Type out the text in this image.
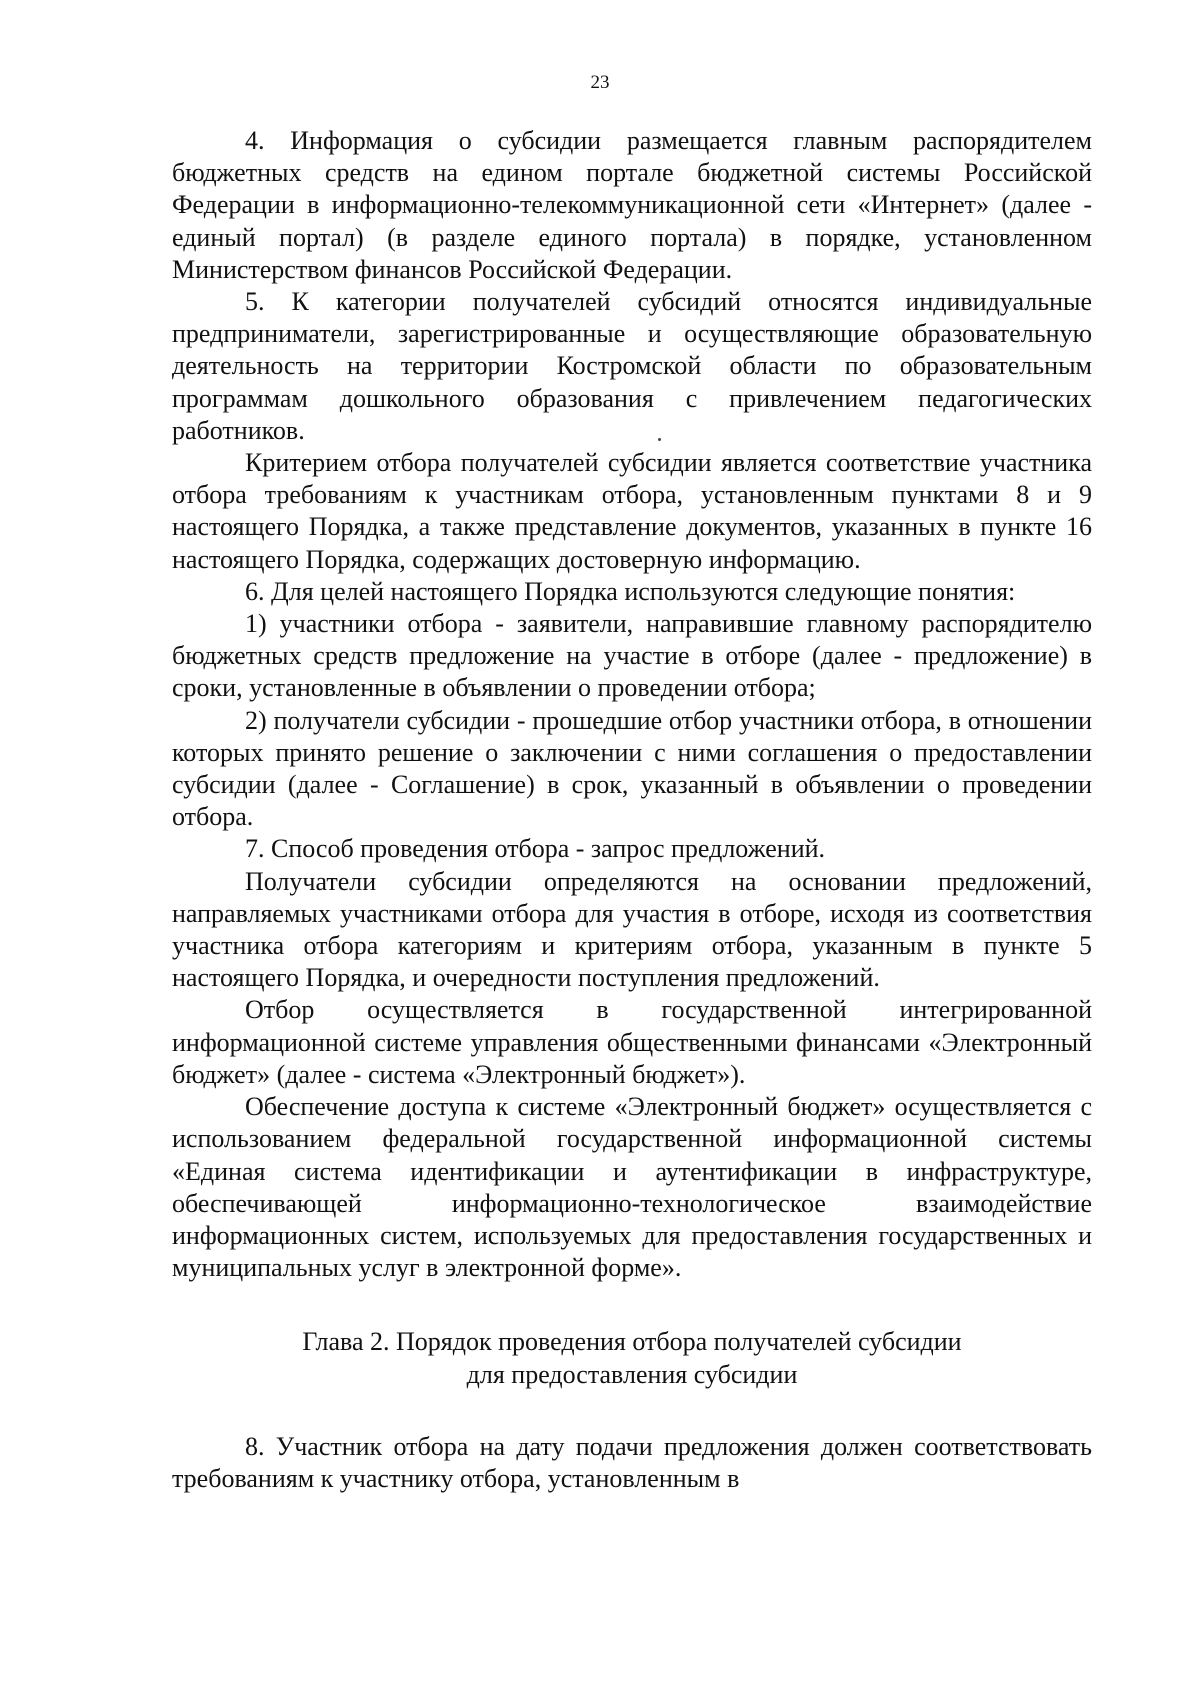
23

4. Информация о субсидии размещается главным распорядителем бюджетных средств на едином портале бюджетной системы Российской Федерации в информационно-телекоммуникационной сети «Интернет» (далее - единый портал) (в разделе единого портала) в порядке, установленном Министерством финансов Российской Федерации.

5. К категории получателей субсидий относятся индивидуальные предприниматели, зарегистрированные и осуществляющие образовательную деятельность на территории Костромской области по образовательным программам дошкольного образования с привлечением педагогических работников.

Критерием отбора получателей субсидии является соответствие участника отбора требованиям к участникам отбора, установленным пунктами 8 и 9 настоящего Порядка, а также представление документов, указанных в пункте 16 настоящего Порядка, содержащих достоверную информацию.

6. Для целей настоящего Порядка используются следующие понятия:

1) участники отбора - заявители, направившие главному распорядителю бюджетных средств предложение на участие в отборе (далее - предложение) в сроки, установленные в объявлении о проведении отбора;

2) получатели субсидии - прошедшие отбор участники отбора, в отношении которых принято решение о заключении с ними соглашения о предоставлении субсидии (далее - Соглашение) в срок, указанный в объявлении о проведении отбора.

7. Способ проведения отбора - запрос предложений.

Получатели субсидии определяются на основании предложений, направляемых участниками отбора для участия в отборе, исходя из соответствия участника отбора категориям и критериям отбора, указанным в пункте 5 настоящего Порядка, и очередности поступления предложений.

Отбор осуществляется в государственной интегрированной информационной системе управления общественными финансами «Электронный бюджет» (далее - система «Электронный бюджет»).

Обеспечение доступа к системе «Электронный бюджет» осуществляется с использованием федеральной государственной информационной системы «Единая система идентификации и аутентификации в инфраструктуре, обеспечивающей информационно-технологическое взаимодействие информационных систем, используемых для предоставления государственных и муниципальных услуг в электронной форме».

Глава 2. Порядок проведения отбора получателей субсидии
для предоставления субсидии

8. Участник отбора на дату подачи предложения должен соответствовать требованиям к участнику отбора, установленным в
